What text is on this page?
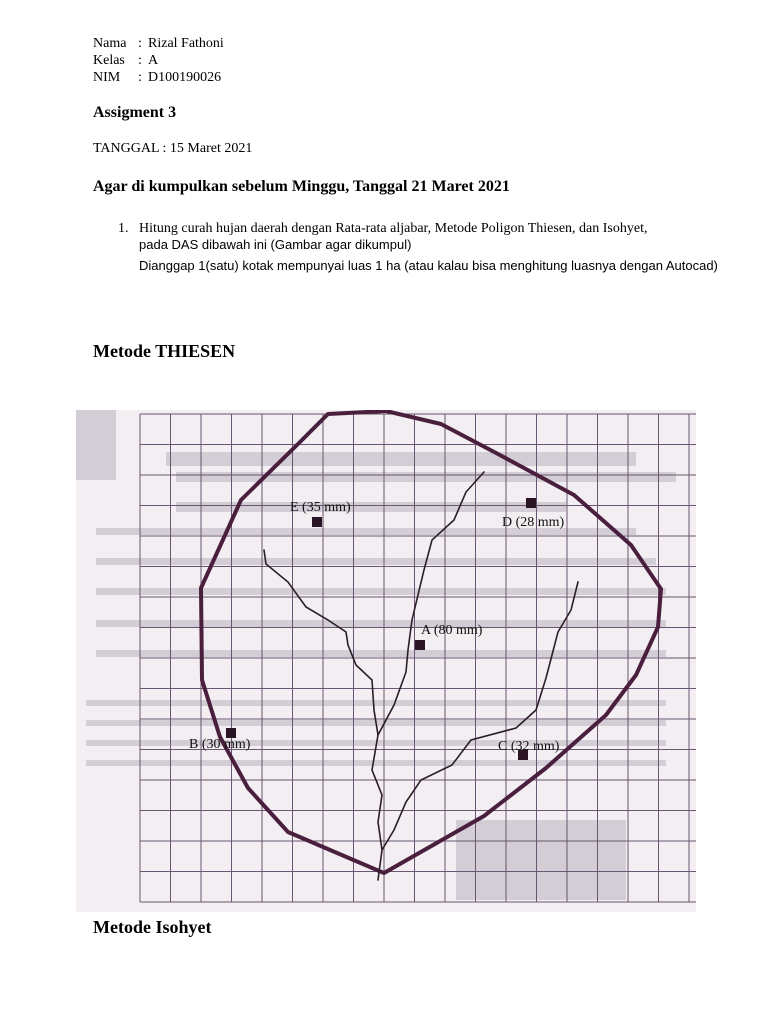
Nama : Rizal Fathoni
Kelas : A
NIM : D100190026
Assigment 3
TANGGAL : 15 Maret 2021
Agar di kumpulkan sebelum Minggu, Tanggal 21 Maret 2021
1. Hitung curah hujan daerah dengan Rata-rata aljabar, Metode Poligon Thiesen, dan Isohyet,
pada DAS dibawah ini (Gambar agar dikumpul)
Dianggap 1(satu) kotak mempunyai luas 1 ha (atau kalau bisa menghitung luasnya dengan Autocad)
Metode THIESEN
E (35 mm)
D (28 mm)
A (80 mm)
B (30 mm)	C (32 mm)
Metode Isohyet
